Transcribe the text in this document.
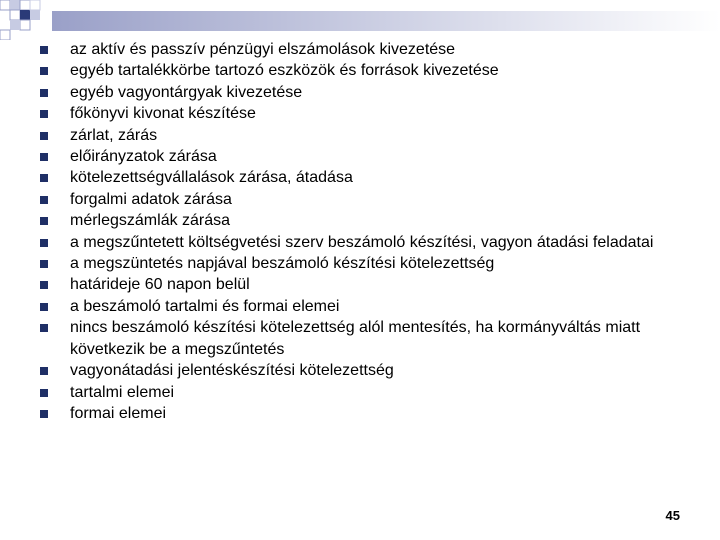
az aktív és passzív pénzügyi elszámolások kivezetése
egyéb tartalékkörbe tartozó eszközök és források kivezetése
egyéb vagyontárgyak kivezetése
főkönyvi kivonat készítése
zárlat, zárás
előirányzatok zárása
kötelezettségvállalások zárása, átadása
forgalmi adatok zárása
mérlegszámlák zárása
a megszűntetett költségvetési szerv beszámoló készítési, vagyon átadási feladatai
a megszüntetés napjával beszámoló készítési kötelezettség
határideje 60 napon belül
a beszámoló tartalmi és formai elemei
nincs beszámoló készítési kötelezettség alól mentesítés, ha kormányváltás miatt következik be a megszűntetés
vagyonátadási jelentéskészítési kötelezettség
tartalmi elemei
formai elemei
45
